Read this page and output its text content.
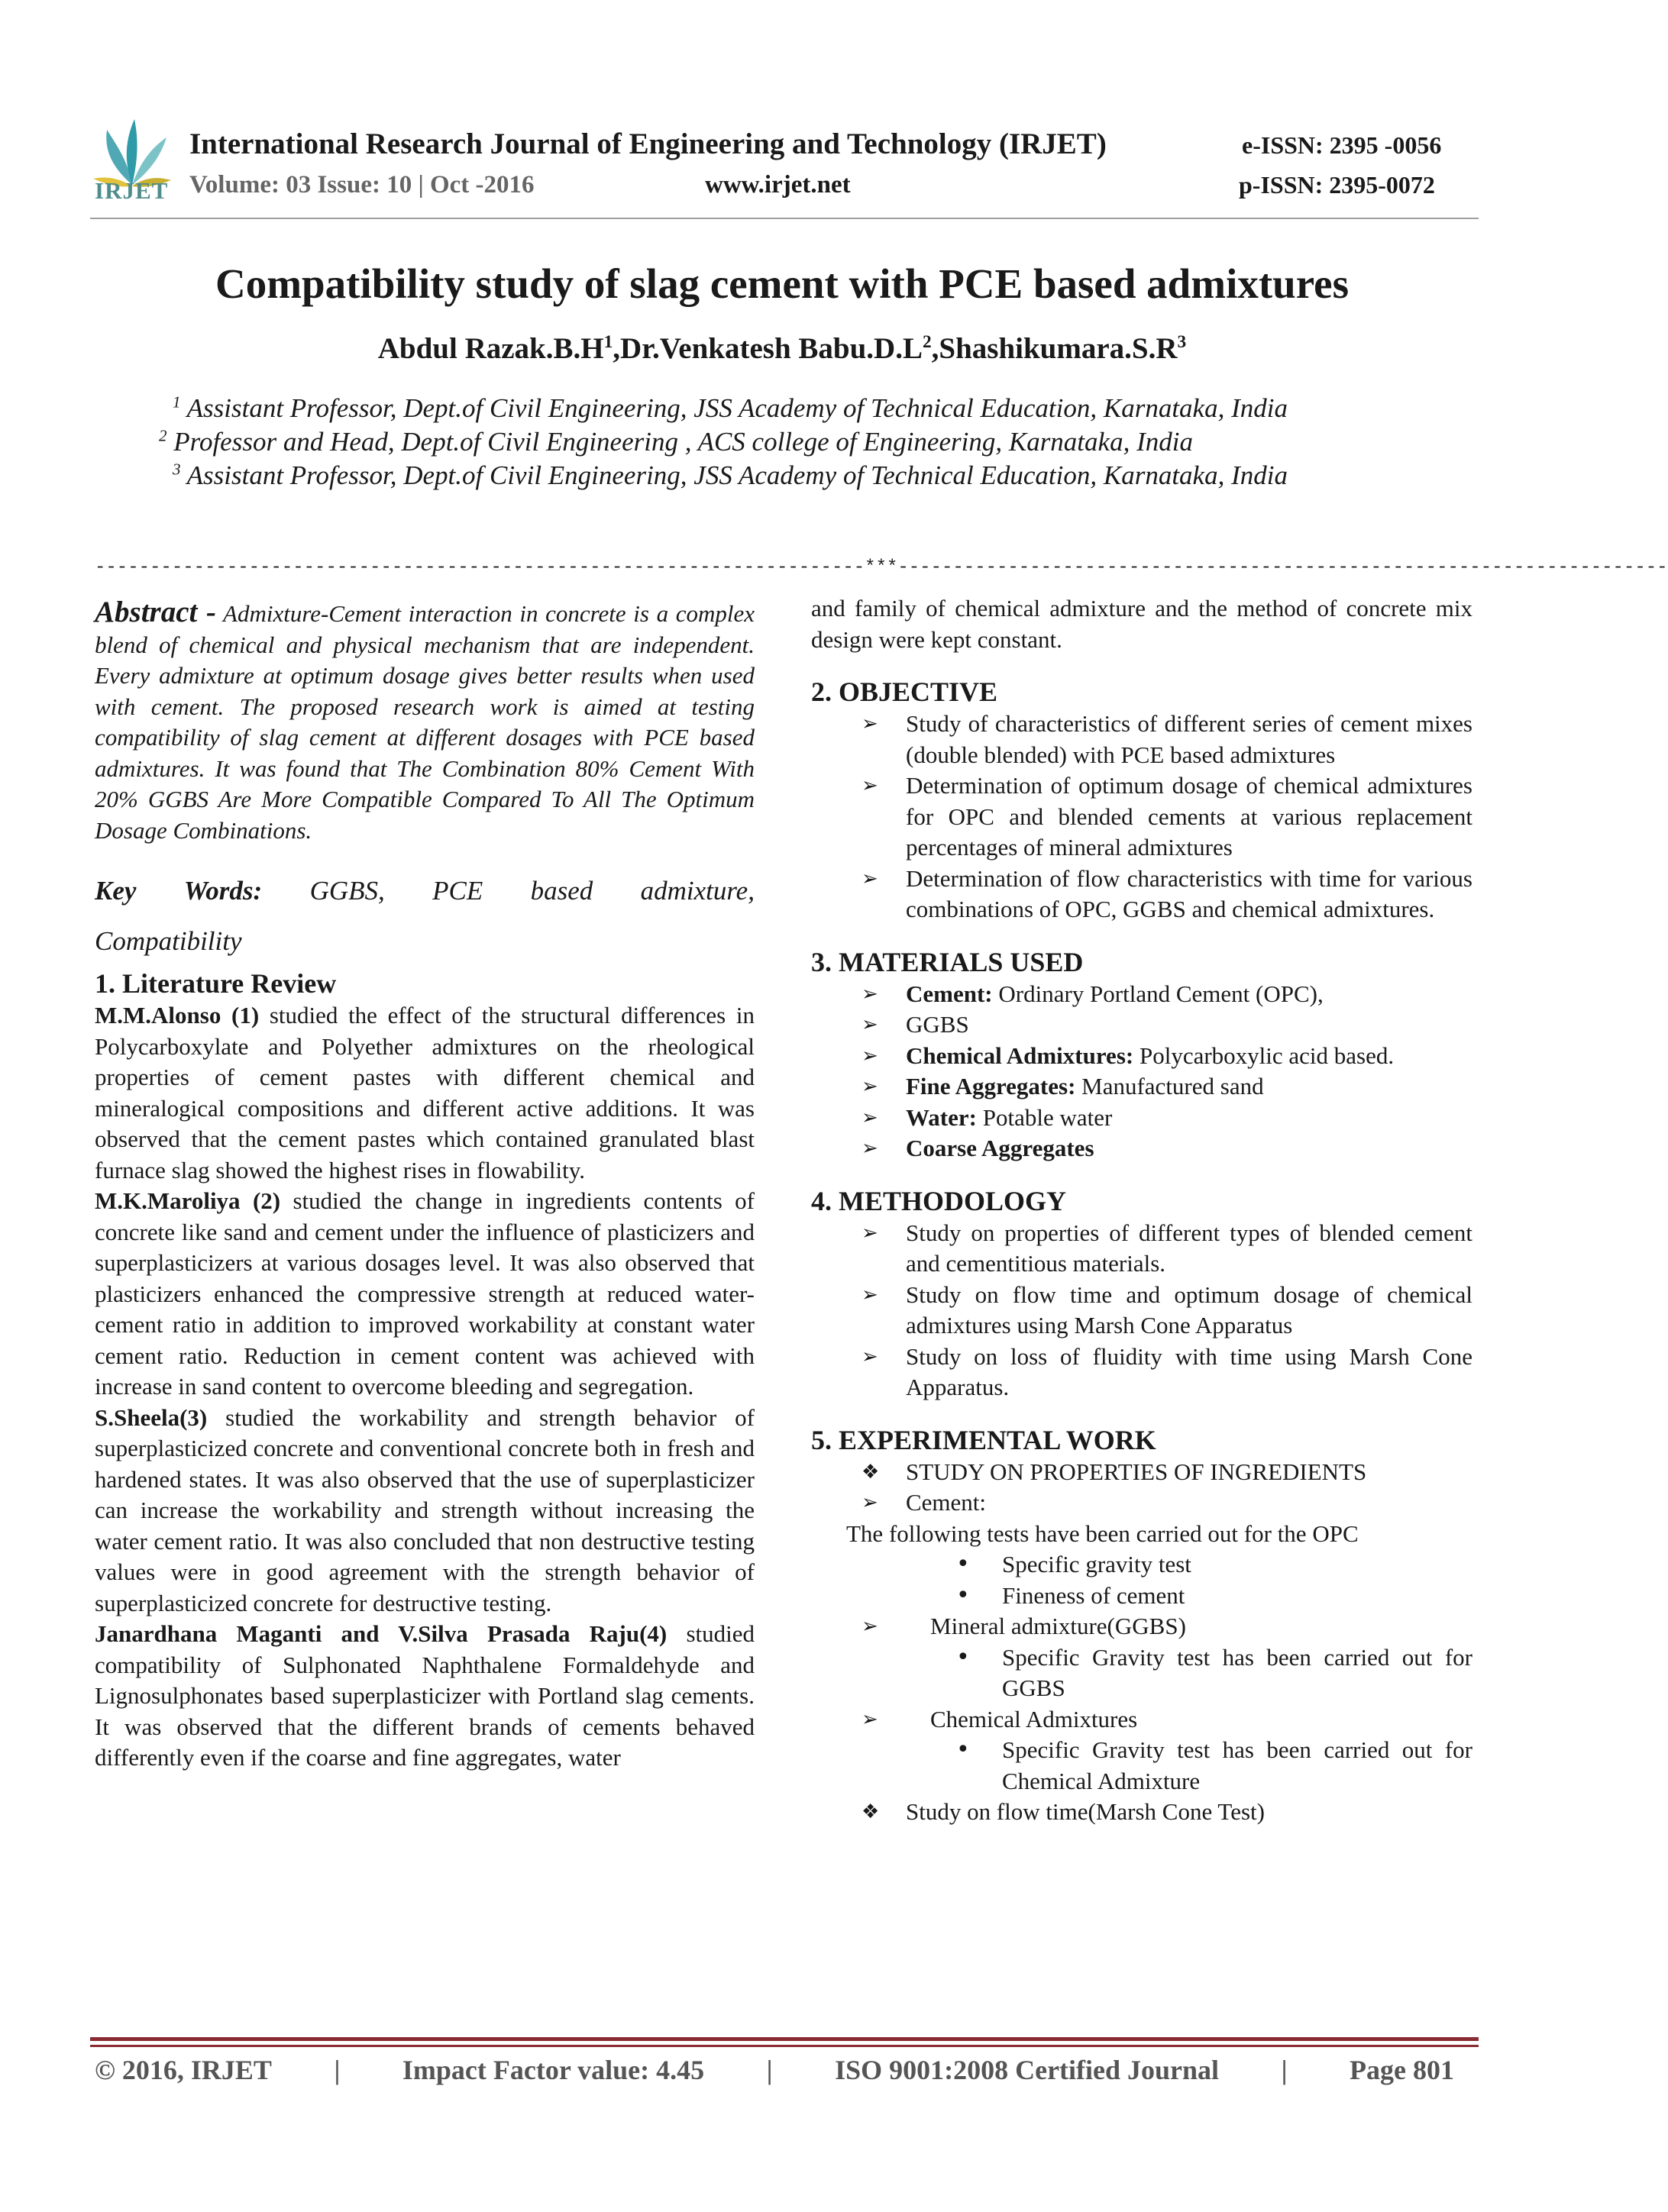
IRJET
International Research Journal of Engineering and Technology (IRJET)	e-ISSN: 2395 -0056
Volume: 03 Issue: 10 | Oct -2016	www.irjet.net	p-ISSN: 2395-0072
Compatibility study of slag cement with PCE based admixtures
Abdul $Razak.B.H^1,Dr.Venkatesh$ $Babu.D.L^2,Shashikumara.S.R^3$
$^1$ Assistant Professor, Dept.of Civil Engineering, JSS Academy of Technical Education, Karnataka, India
$^2$ Professor and Head, Dept.of Civil Engineering , ACS college of Engineering, Karnataka, India
$^3$ Assistant Professor, Dept.of Civil Engineering, JSS Academy of Technical Education, Karnataka, India
----------------------------------------------------------------------***----------------------------------------------------------------------
Abstract - Admixture-Cement interaction in concrete is a complex blend of chemical and physical mechanism that are independent. Every admixture at optimum dosage gives better results when used with cement. The proposed research work is aimed at testing compatibility of slag cement at different dosages with PCE based admixtures. It was found that The Combination 80% Cement With 20% GGBS Are More Compatible Compared To All The Optimum Dosage Combinations.
Key Words: GGBS, PCE based admixture,
Compatibility
1. Literature Review

M.M.Alonso (1) studied the effect of the structural differences in Polycarboxylate and Polyether admixtures on the rheological properties of cement pastes with different chemical and mineralogical compositions and different active additions. It was observed that the cement pastes which contained granulated blast furnace slag showed the highest rises in flowability.

M.K.Maroliya (2) studied the change in ingredients contents of concrete like sand and cement under the influence of plasticizers and superplasticizers at various dosages level. It was also observed that plasticizers enhanced the compressive strength at reduced water-cement ratio in addition to improved workability at constant water cement ratio. Reduction in cement content was achieved with increase in sand content to overcome bleeding and segregation.

S.Sheela(3) studied the workability and strength behavior of superplasticized concrete and conventional concrete both in fresh and hardened states. It was also observed that the use of superplasticizer can increase the workability and strength without increasing the water cement ratio. It was also concluded that non destructive testing values were in good agreement with the strength behavior of superplasticized concrete for destructive testing.

Janardhana Maganti and V.Silva Prasada Raju(4) studied compatibility of Sulphonated Naphthalene Formaldehyde and Lignosulphonates based superplasticizer with Portland slag cements. It was observed that the different brands of cements behaved differently even if the coarse and fine aggregates, water

and family of chemical admixture and the method of concrete mix design were kept constant.

2. OBJECTIVE
➢ Study of characteristics of different series of cement mixes (double blended) with PCE based admixtures
➢ Determination of optimum dosage of chemical admixtures for OPC and blended cements at various replacement percentages of mineral admixtures
➢ Determination of flow characteristics with time for various combinations of OPC, GGBS and chemical admixtures.
3. MATERIALS USED
➢ Cement: Ordinary Portland Cement (OPC),
➢ GGBS
➢ Chemical Admixtures: Polycarboxylic acid based.
➢ Fine Aggregates: Manufactured sand
➢ Water: Potable water
➢ Coarse Aggregates
4. METHODOLOGY
➢ Study on properties of different types of blended cement and cementitious materials.
➢ Study on flow time and optimum dosage of chemical admixtures using Marsh Cone Apparatus
➢ Study on loss of fluidity with time using Marsh Cone Apparatus.
5. EXPERIMENTAL WORK
❖ STUDY ON PROPERTIES OF INGREDIENTS
➢ Cement:
The following tests have been carried out for the OPC
• Specific gravity test
• Fineness of cement
➢ Mineral admixture(GGBS)
• Specific Gravity test has been carried out for GGBS
➢ Chemical Admixtures
• Specific Gravity test has been carried out for Chemical Admixture
❖ Study on flow time(Marsh Cone Test)
© 2016, IRJET | Impact Factor value: 4.45 | ISO 9001:2008 Certified Journal | Page 801
